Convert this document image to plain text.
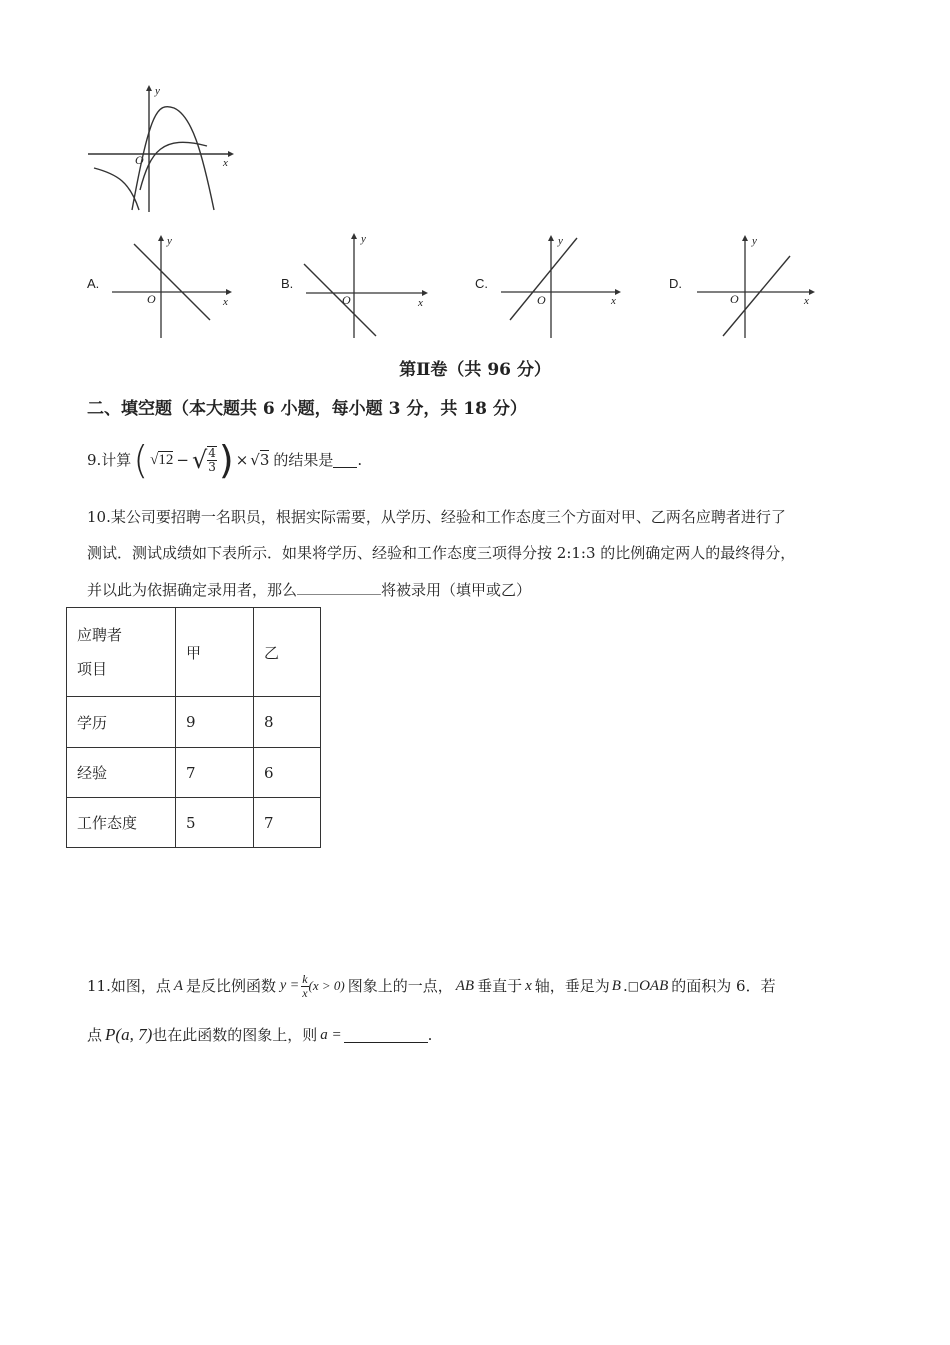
y
x
O
A.
y
x
O
B.
y
x
O
C.
y
x
O
D.
y
x
O
第Ⅱ卷（共 96 分）
二、填空题（本大题共 6 小题，每小题 3 分，共 18 分）
9.计算 ( √12 − √ $\frac{4}{3}$ ) × √3 的结果是 .
10.某公司要招聘一名职员，根据实际需要，从学历、经验和工作态度三个方面对甲、乙两名应聘者进行了
测试．测试成绩如下表所示．如果将学历、经验和工作态度三项得分按 2:1:3 的比例确定两人的最终得分，
并以此为依据确定录用者，那么	将被录用（填甲或乙）
应聘者
项目	甲	乙
学历	9	8
经验	7	6
工作态度	5	7
11.如图，点 A 是反比例函数 $y = \frac{k}{x} (x > 0)$ 图象上的一点， AB 垂直于 x 轴，垂足为 B . □ OAB 的面积为 6．若
点 P (a, 7) 也在此函数的图象上，则 a =	.
